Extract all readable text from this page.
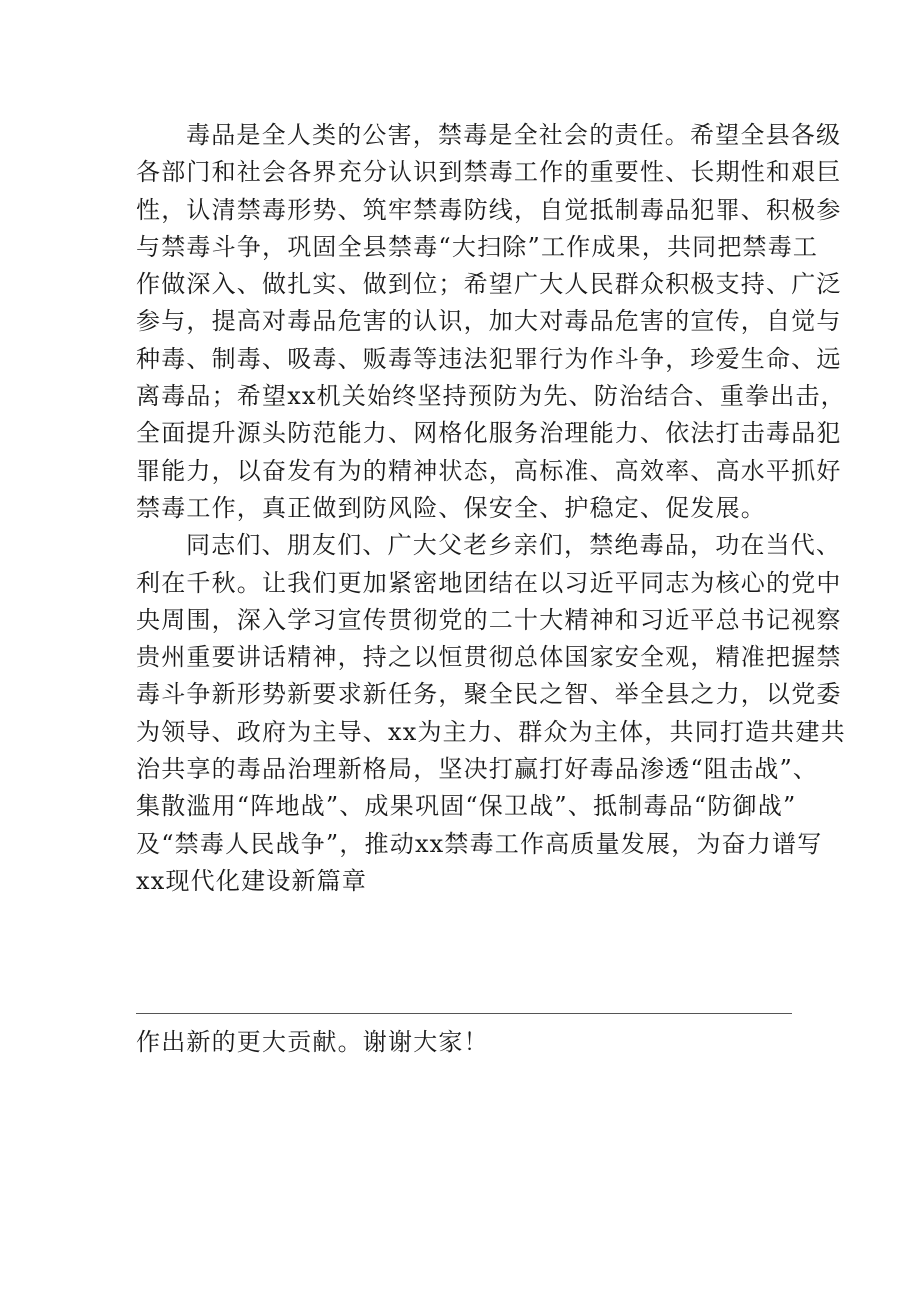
毒品是全人类的公害，禁毒是全社会的责任。希望全县各级
各部门和社会各界充分认识到禁毒工作的重要性、长期性和艰巨
性，认清禁毒形势、筑牢禁毒防线，自觉抵制毒品犯罪、积极参
与禁毒斗争，巩固全县禁毒“大扫除”工作成果，共同把禁毒工
作做深入、做扎实、做到位；希望广大人民群众积极支持、广泛
参与，提高对毒品危害的认识，加大对毒品危害的宣传，自觉与
种毒、制毒、吸毒、贩毒等违法犯罪行为作斗争，珍爱生命、远
离毒品；希望xx机关始终坚持预防为先、防治结合、重拳出击，
全面提升源头防范能力、网格化服务治理能力、依法打击毒品犯
罪能力，以奋发有为的精神状态，高标准、高效率、高水平抓好
禁毒工作，真正做到防风险、保安全、护稳定、促发展。
同志们、朋友们、广大父老乡亲们，禁绝毒品，功在当代、
利在千秋。让我们更加紧密地团结在以习近平同志为核心的党中
央周围，深入学习宣传贯彻党的二十大精神和习近平总书记视察
贵州重要讲话精神，持之以恒贯彻总体国家安全观，精准把握禁
毒斗争新形势新要求新任务，聚全民之智、举全县之力，以党委
为领导、政府为主导、xx为主力、群众为主体，共同打造共建共
治共享的毒品治理新格局，坚决打赢打好毒品渗透“阻击战”、
集散滥用“阵地战”、成果巩固“保卫战”、抵制毒品“防御战”
及“禁毒人民战争”，推动xx禁毒工作高质量发展，为奋力谱写
xx现代化建设新篇章
作出新的更大贡献。谢谢大家！
